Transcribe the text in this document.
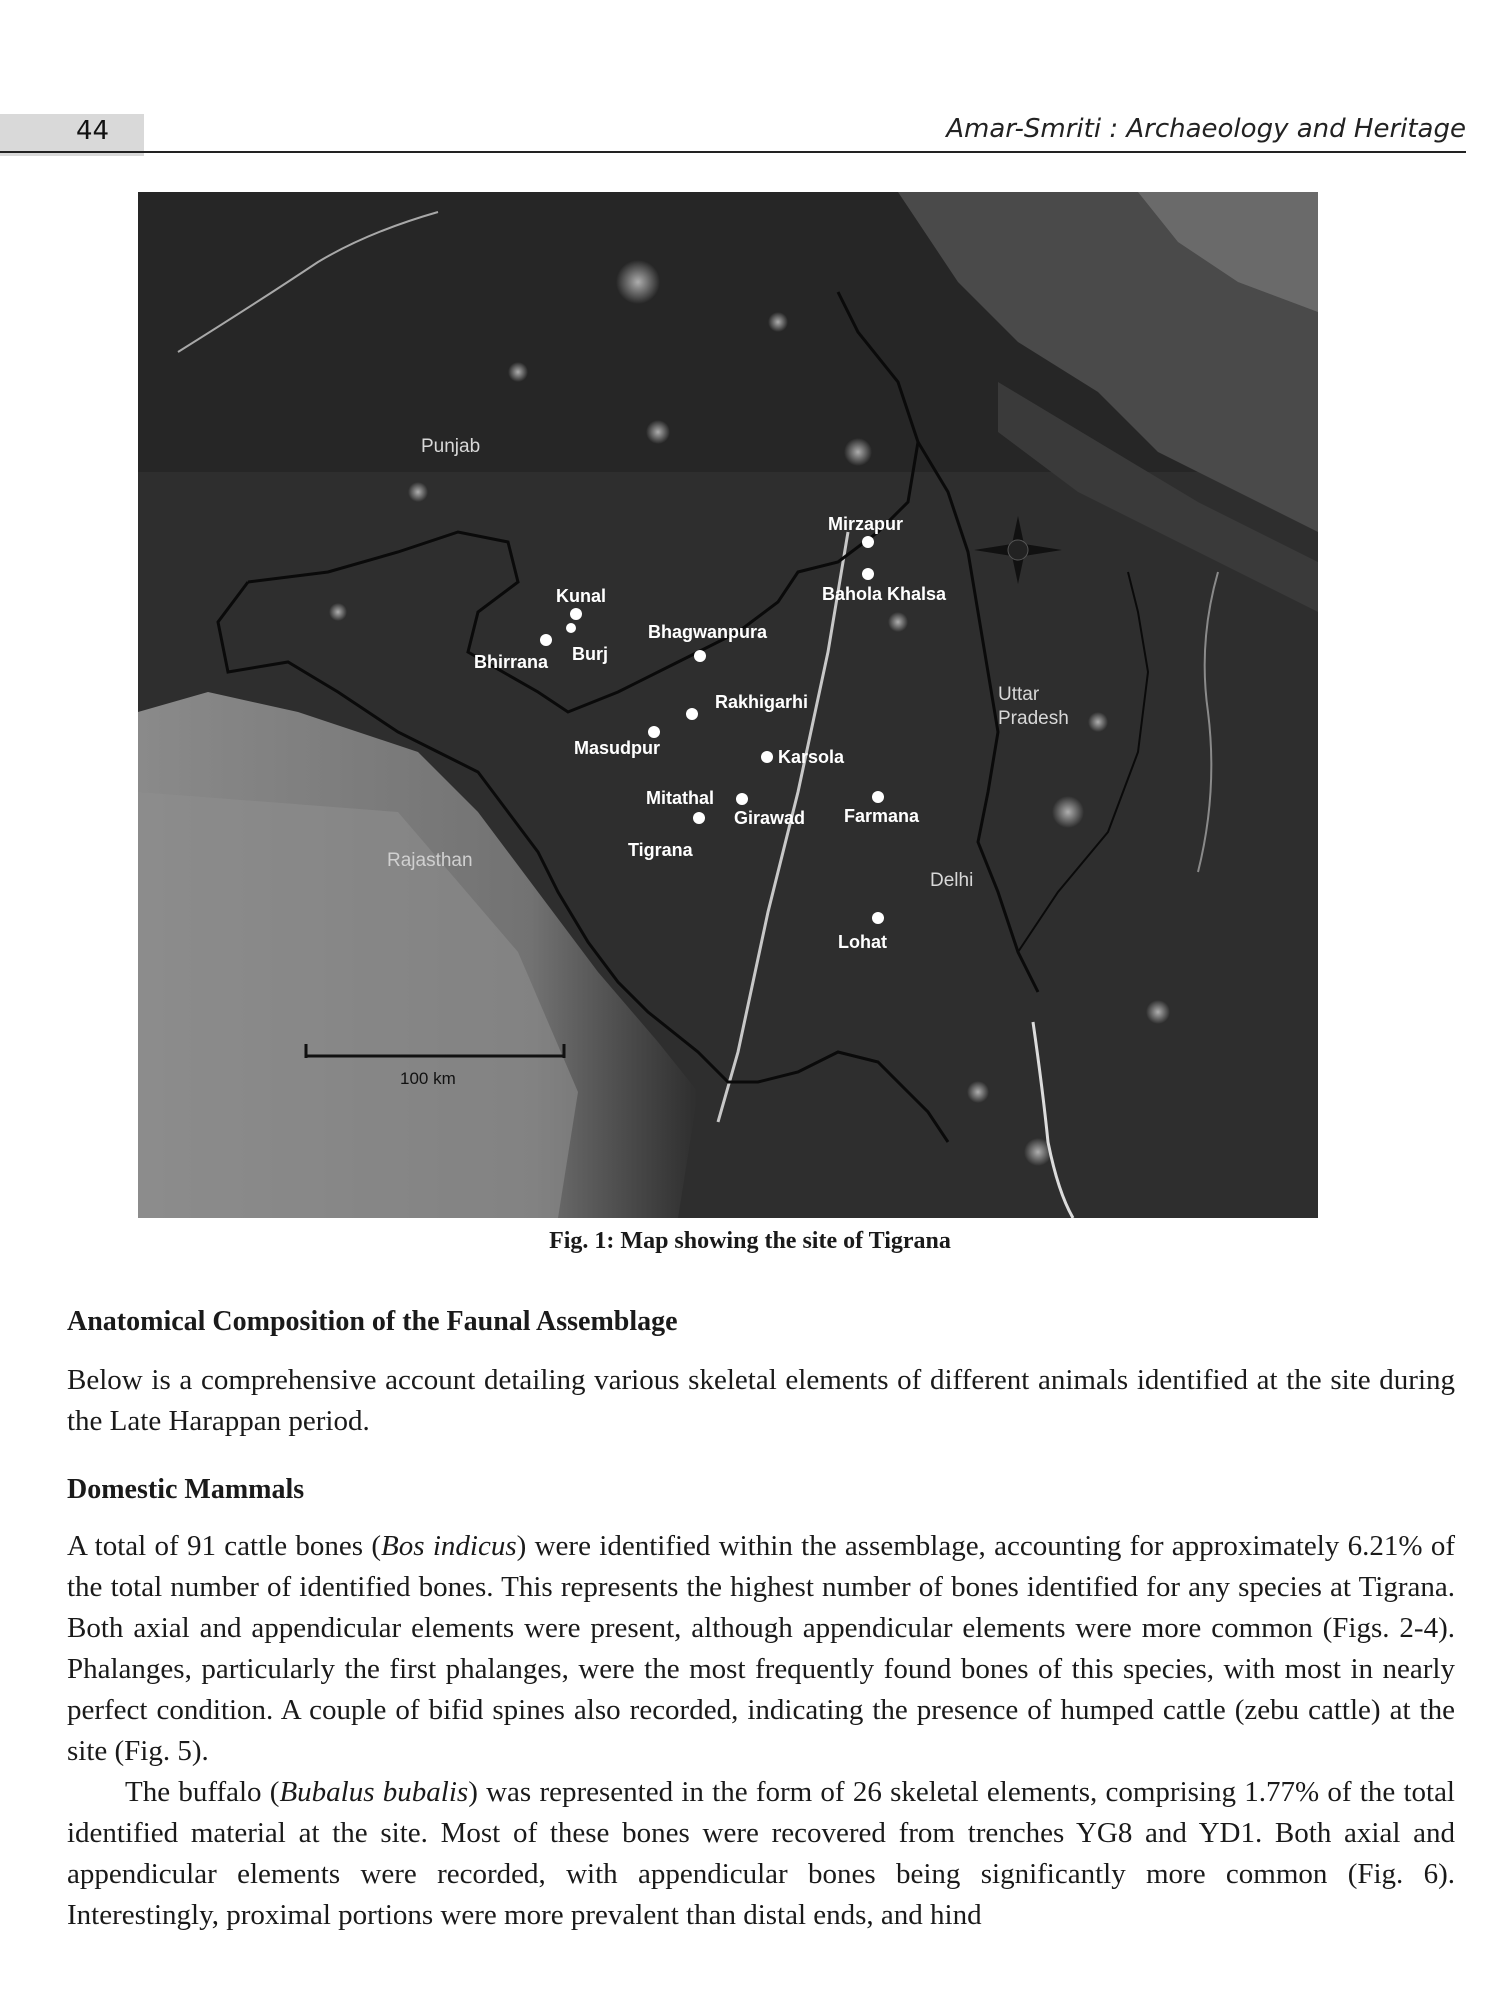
44	Amar-Smriti : Archaeology and Heritage
Punjab
Uttar
Pradesh
Rajasthan
Delhi
Mirzapur
Bahola Khalsa
Kunal
Burj
Bhirrana
Bhagwanpura
Rakhigarhi
Masudpur	Karsola
Mitathal
Girawad Farmana
Tigrana
Lohat
100 km
Fig. 1: Map showing the site of Tigrana
Anatomical Composition of the Faunal Assemblage

Below is a comprehensive account detailing various skeletal elements of different animals identified at the site during the Late Harappan period.

Domestic Mammals

A total of 91 cattle bones (Bos indicus) were identified within the assemblage, accounting for approximately 6.21% of the total number of identified bones. This represents the highest number of bones identified for any species at Tigrana. Both axial and appendicular elements were present, although appendicular elements were more common (Figs. 2-4). Phalanges, particularly the first phalanges, were the most frequently found bones of this species, with most in nearly perfect condition. A couple of bifid spines also recorded, indicating the presence of humped cattle (zebu cattle) at the site (Fig. 5).

The buffalo (Bubalus bubalis) was represented in the form of 26 skeletal elements, comprising 1.77% of the total identified material at the site. Most of these bones were recovered from trenches YG8 and YD1. Both axial and appendicular elements were recorded, with appendicular bones being significantly more common (Fig. 6). Interestingly, proximal portions were more prevalent than distal ends, and hind
